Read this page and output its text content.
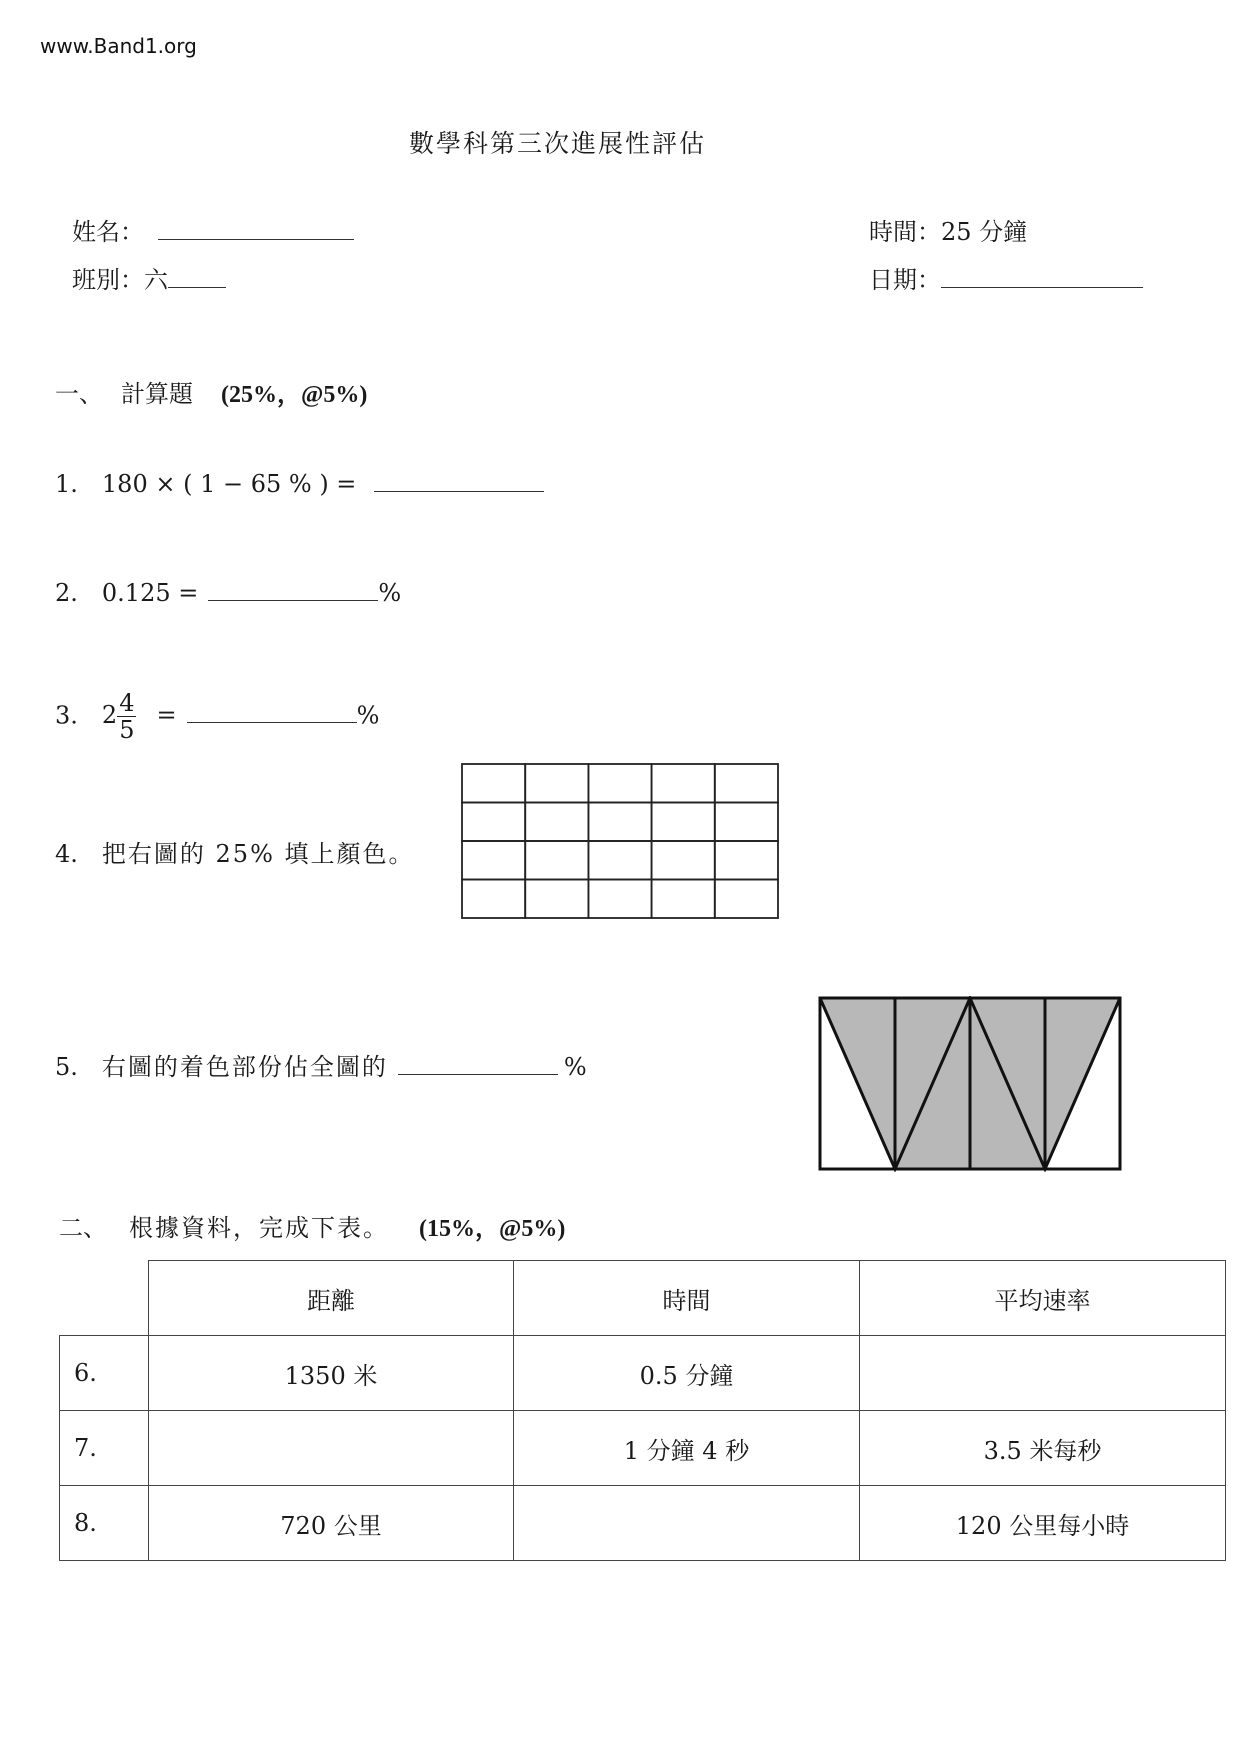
www.Band1.org
數學科第三次進展性評估
姓名：
班別：六
時間：25 分鐘
日期：
一、 計算題 (25%，@5%)
1. 180 × ( 1 − 65 % ) =
2. 0.125 =	%
3. $2 \frac{4}{5}$ =	%
4. 把右圖的 25% 填上顏色。
5. 右圖的着色部份佔全圖的	%
二、 根據資料，完成下表。 (15%，@5%)
	距離	時間	平均速率
6.	1350 米	0.5 分鐘	
7.		1 分鐘 4 秒	3.5 米每秒
8.	720 公里		120 公里每小時
